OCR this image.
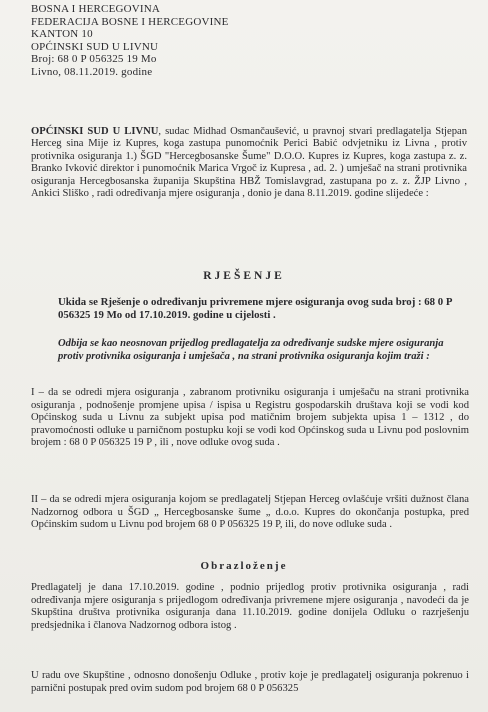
BOSNA I HERCEGOVINA
FEDERACIJA BOSNE I HERCEGOVINE
KANTON 10
OPĆINSKI SUD U LIVNU
Broj: 68 0 P 056325 19 Mo
Livno, 08.11.2019. godine
OPĆINSKI SUD U LIVNU, sudac Midhad Osmančaušević, u pravnoj stvari predlagatelja Stjepan Herceg sina Mije iz Kupres, koga zastupa punomoćnik Perici Babić odvjetniku iz Livna , protiv protivnika osiguranja 1.) ŠGD "Hercegbosanske Šume" D.O.O. Kupres iz Kupres, koga zastupa z. z. Branko Ivković direktor i punomoćnik Marica Vrgoč iz Kupresa , ad. 2. ) umješač na strani protivnika osiguranja Hercegbosanska županija Skupština HBŽ Tomislavgrad, zastupana po z. z. ŽJP Livno , Ankici Sliško , radi određivanja mjere osiguranja , donio je dana 8.11.2019. godine slijedeće :
RJEŠENJE
Ukida se Rješenje o određivanju privremene mjere osiguranja ovog suda broj : 68 0 P 056325 19 Mo od 17.10.2019. godine u cijelosti .
Odbija se kao neosnovan prijedlog predlagatelja za određivanje sudske mjere osiguranja protiv protivnika osiguranja i umješača , na strani protivnika osiguranja kojim traži :
I – da se odredi mjera osiguranja , zabranom protivniku osiguranja i umješaču na strani protivnika osiguranja , podnošenje promjene upisa / ispisa u Registru gospodarskih društava koji se vodi kod Općinskog suda u Livnu za subjekt upisa pod matičnim brojem subjekta upisa 1 – 1312 , do pravomoćnosti odluke u parničnom postupku koji se vodi kod Općinskog suda u Livnu pod poslovnim brojem : 68 0 P 056325 19 P , ili , nove odluke ovog suda .
II – da se odredi mjera osiguranja kojom se predlagatelj Stjepan Herceg ovlašćuje vršiti dužnost člana Nadzornog odbora u ŠGD „ Hercegbosanske šume „ d.o.o. Kupres do okončanja postupka, pred Općinskim sudom u Livnu pod brojem 68 0 P 056325 19 P, ili, do nove odluke suda .
Obrazloženje
Predlagatelj je dana 17.10.2019. godine , podnio prijedlog protiv protivnika osiguranja , radi određivanja mjere osiguranja s prijedlogom određivanja privremene mjere osiguranja , navodeći da je Skupština društva protivnika osiguranja dana 11.10.2019. godine donijela Odluku o razrješenju predsjednika i članova Nadzornog odbora istog .
U radu ove Skupštine , odnosno donošenju Odluke , protiv koje je predlagatelj osiguranja pokrenuo i parnični postupak pred ovim sudom pod brojem 68 0 P 056325
